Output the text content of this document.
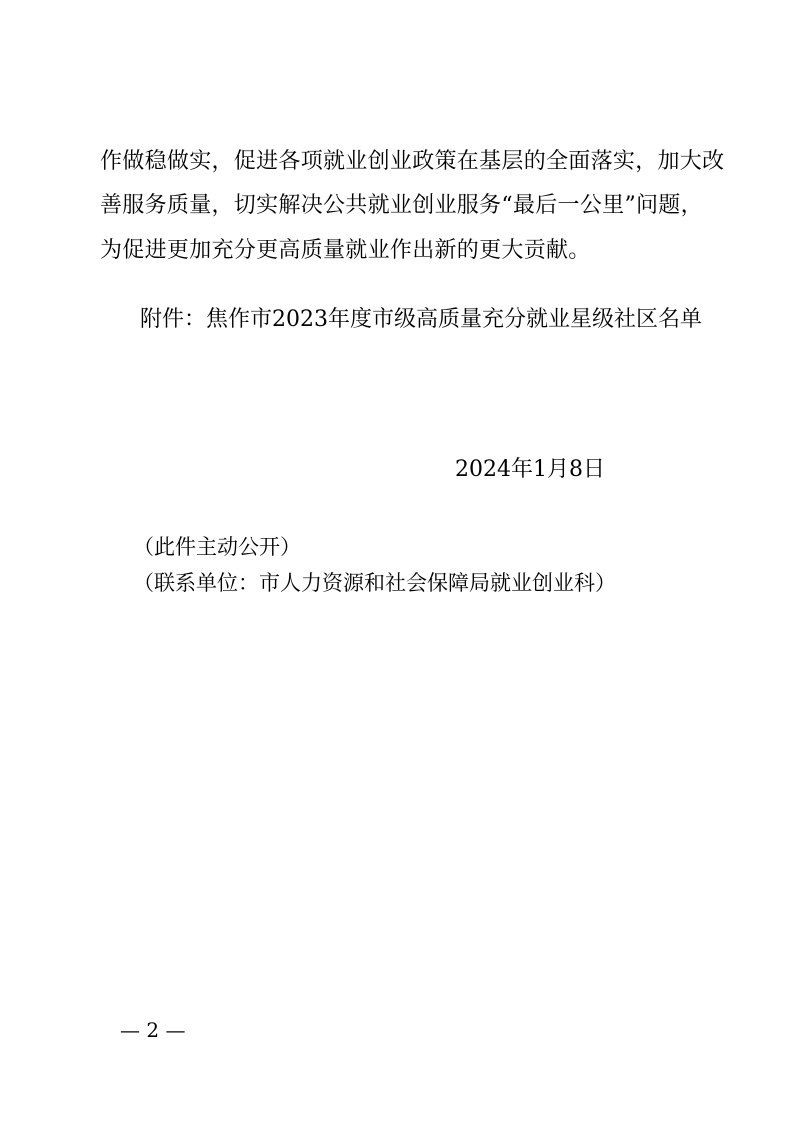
作做稳做实，促进各项就业创业政策在基层的全面落实，加大改
善服务质量，切实解决公共就业创业服务“最后一公里”问题，
为促进更加充分更高质量就业作出新的更大贡献。
附件：焦作市2023年度市级高质量充分就业星级社区名单
2024年1月8日
（此件主动公开）
（联系单位：市人力资源和社会保障局就业创业科）
— 2 —
